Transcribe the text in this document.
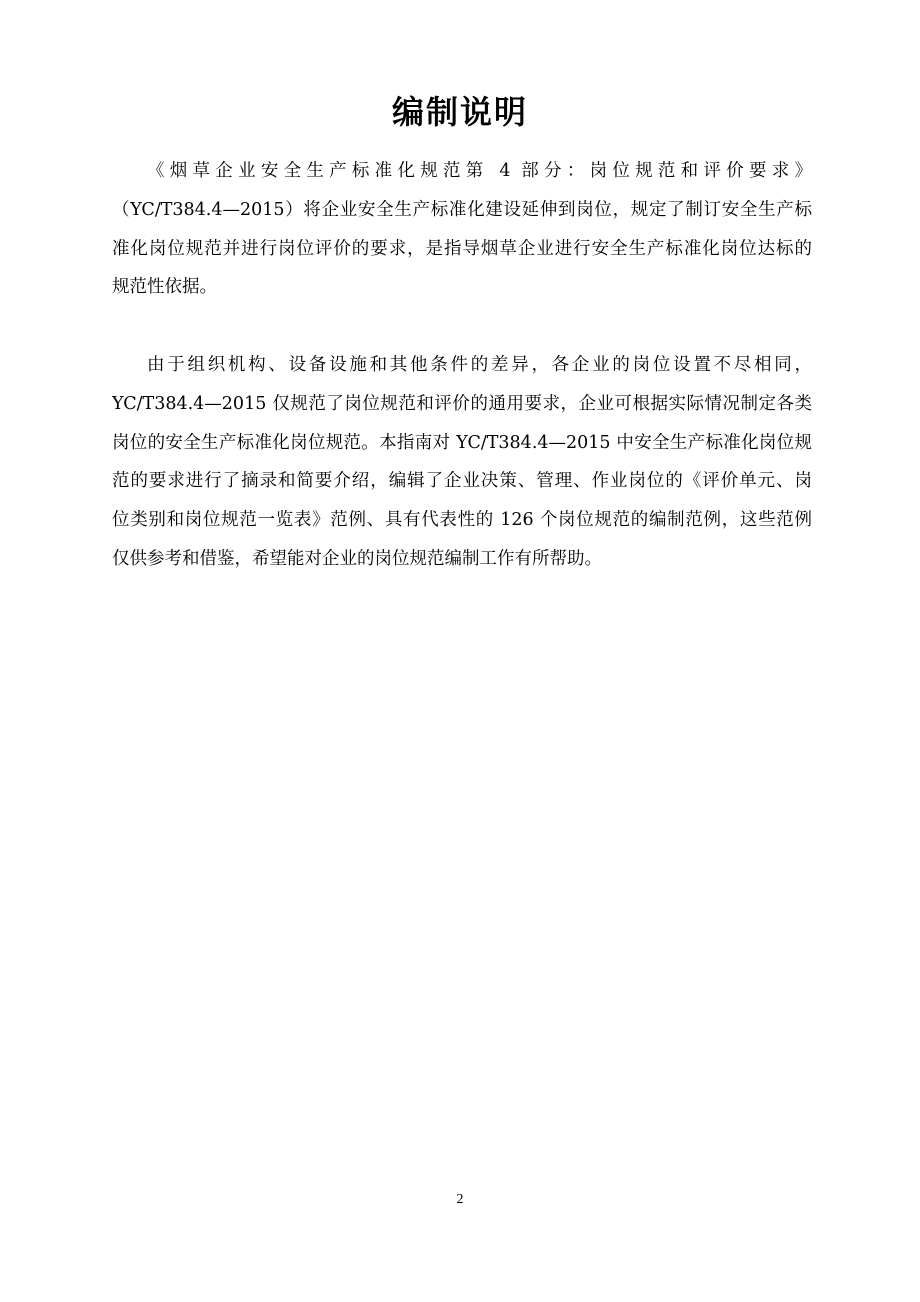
编制说明
《烟草企业安全生产标准化规范第 4 部分：岗位规范和评价要求》
（YC/T384.4—2015）将企业安全生产标准化建设延伸到岗位，规定了制订安全生产标
准化岗位规范并进行岗位评价的要求，是指导烟草企业进行安全生产标准化岗位达标的
规范性依据。
由于组织机构、设备设施和其他条件的差异，各企业的岗位设置不尽相同，
YC/T384.4—2015 仅规范了岗位规范和评价的通用要求，企业可根据实际情况制定各类
岗位的安全生产标准化岗位规范。本指南对 YC/T384.4—2015 中安全生产标准化岗位规
范的要求进行了摘录和简要介绍，编辑了企业决策、管理、作业岗位的《评价单元、岗
位类别和岗位规范一览表》范例、具有代表性的 126 个岗位规范的编制范例，这些范例
仅供参考和借鉴，希望能对企业的岗位规范编制工作有所帮助。
2
